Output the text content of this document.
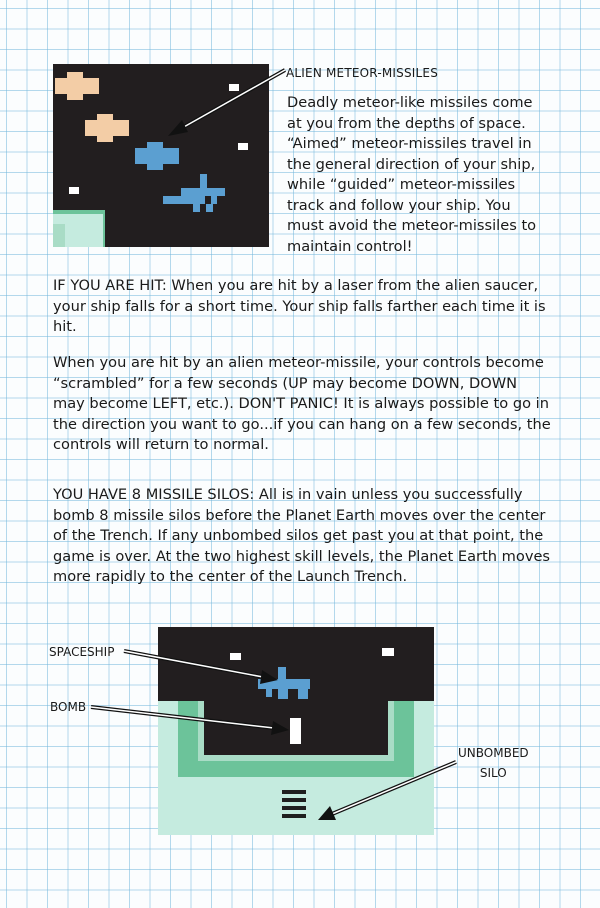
ALIEN METEOR-MISSILES
Deadly meteor-like missiles come at you from the depths of space. “Aimed” meteor-missiles travel in the general direction of your ship, while “guided” meteor-missiles track and follow your ship. You must avoid the meteor-missiles to maintain control!

IF YOU ARE HIT: When you are hit by a laser from the alien saucer, your ship falls for a short time. Your ship falls farther each time it is hit.

When you are hit by an alien meteor-missile, your controls become “scrambled” for a few seconds (UP may become DOWN, DOWN may become LEFT, etc.). DON'T PANIC! It is always possible to go in the direction you want to go...if you can hang on a few seconds, the controls will return to normal.

YOU HAVE 8 MISSILE SILOS: All is in vain unless you successfully bomb 8 missile silos before the Planet Earth moves over the center of the Trench. If any unbombed silos get past you at that point, the game is over. At the two highest skill levels, the Planet Earth moves more rapidly to the center of the Launch Trench.

SPACESHIP
BOMB
UNBOMBED
SILO
